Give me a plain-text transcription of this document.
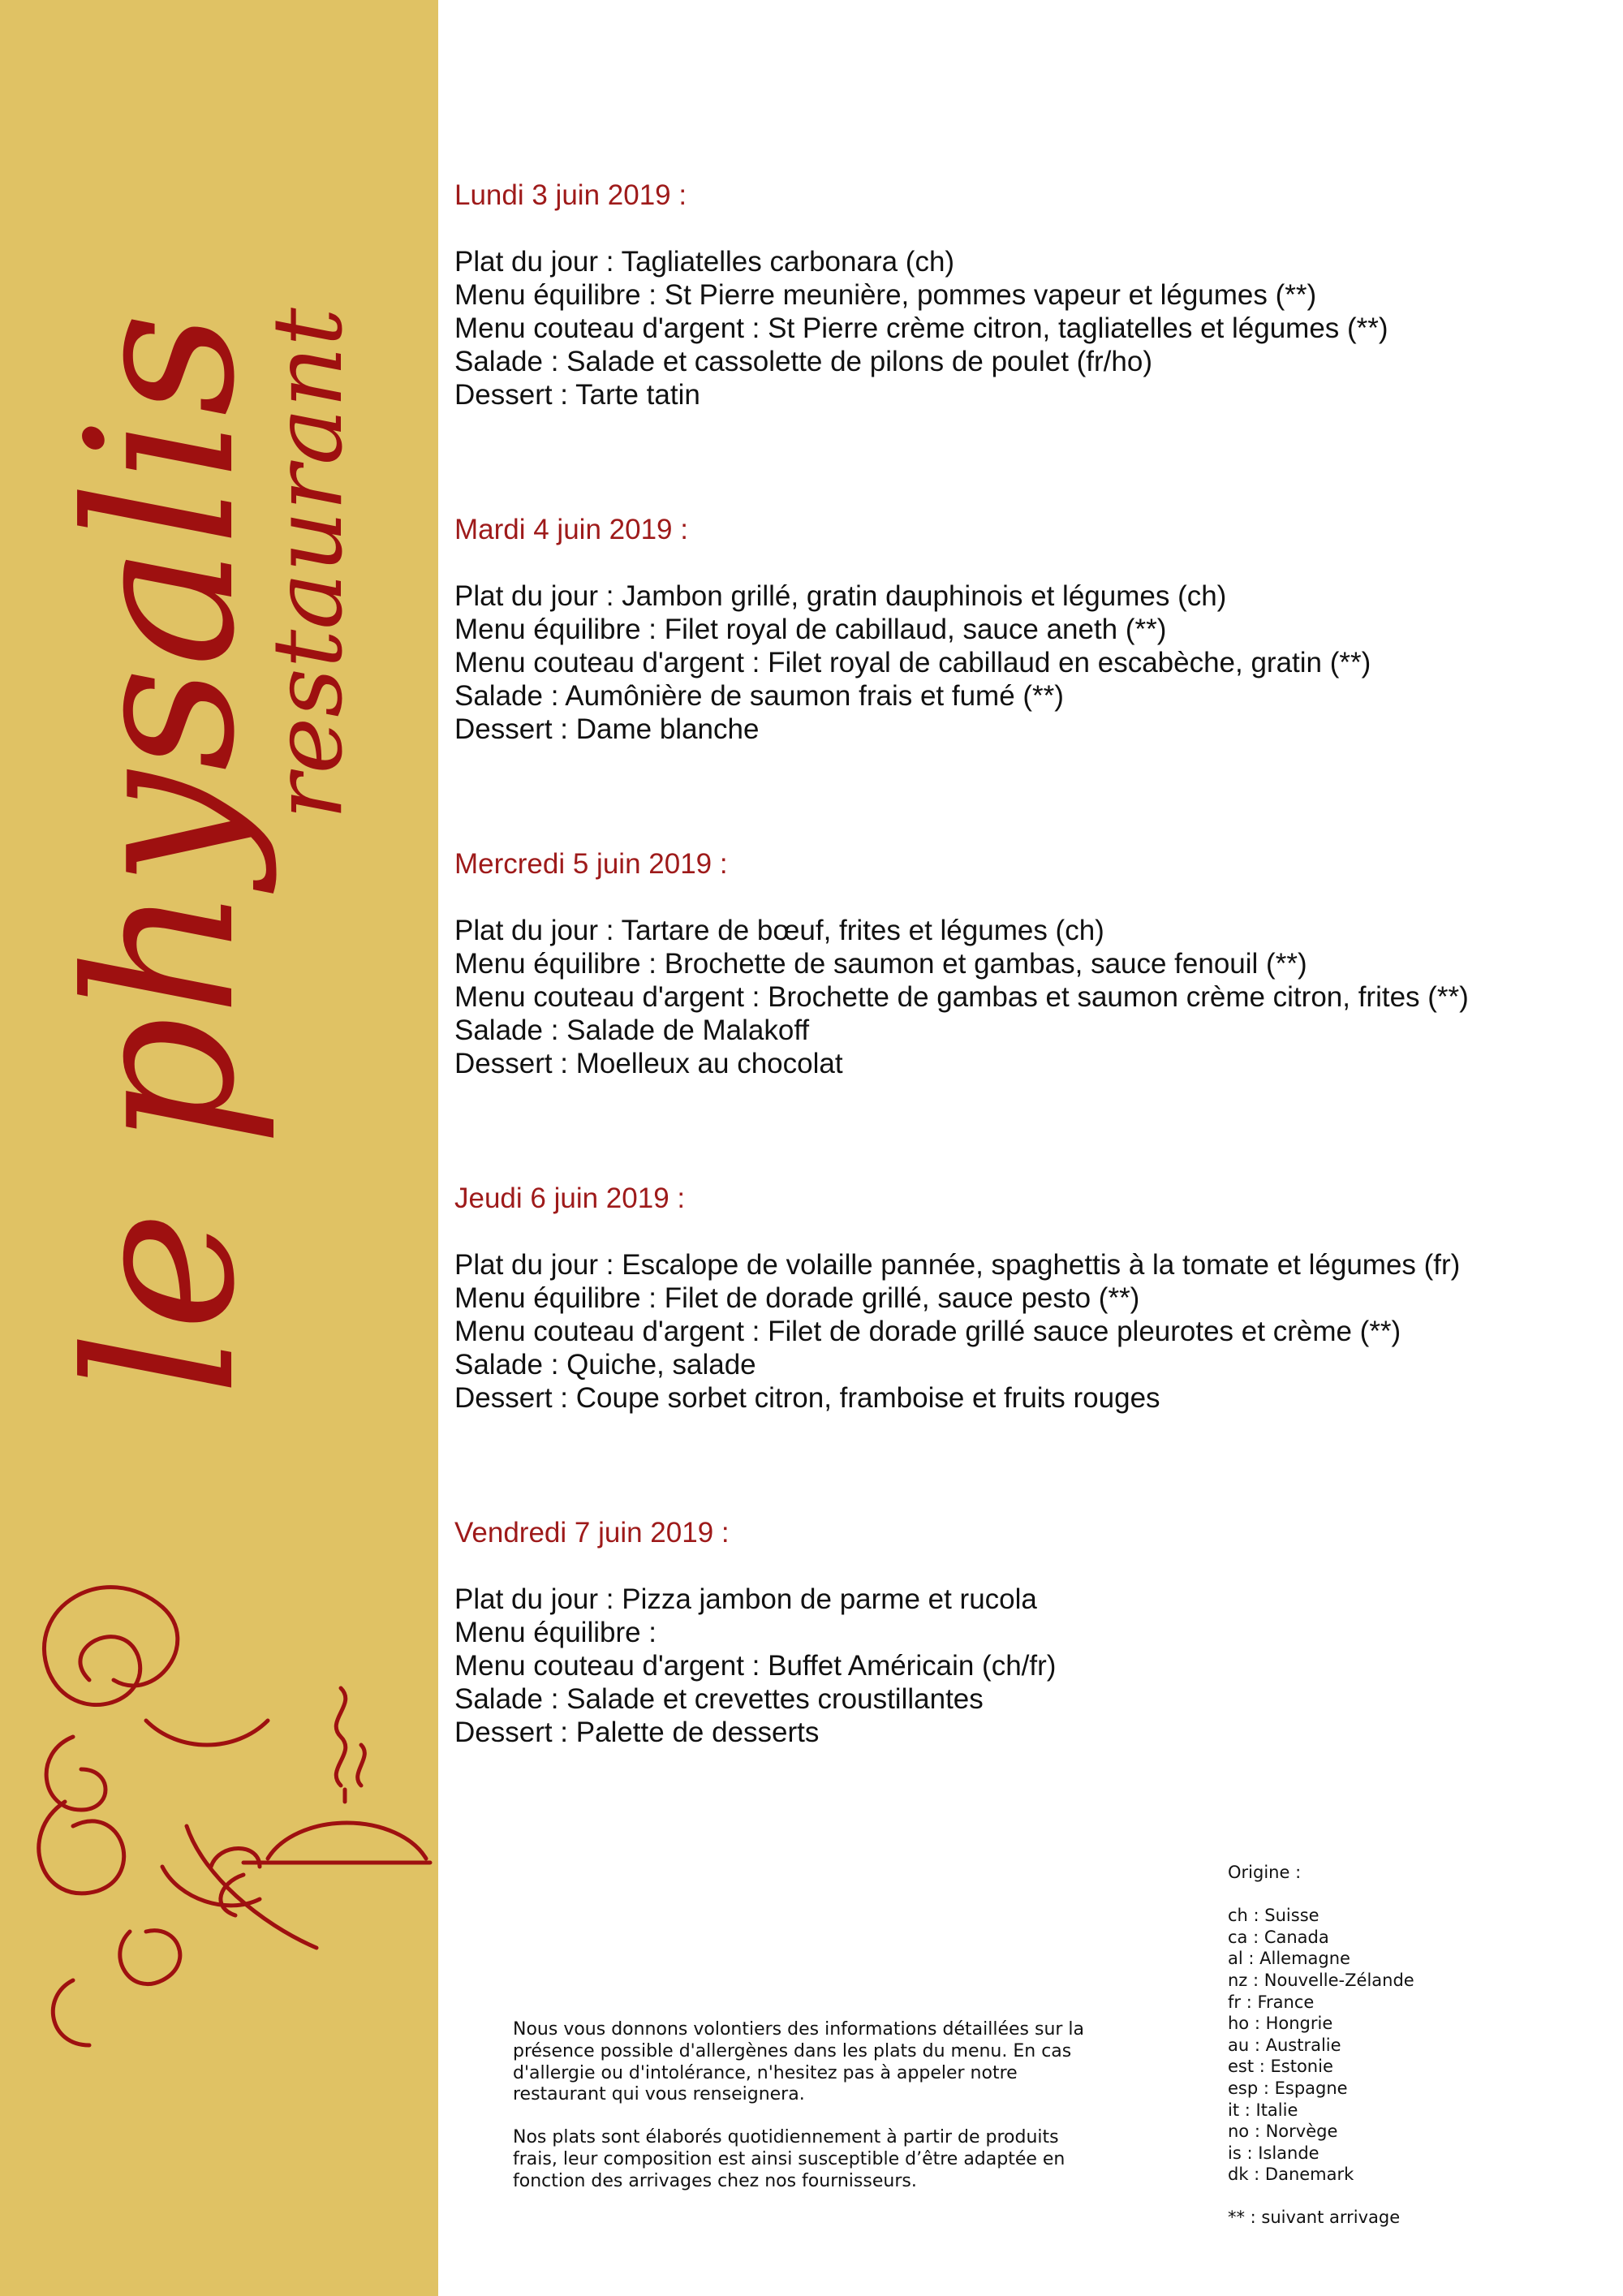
le physalis
restaurant
Lundi 3 juin 2019 :
Plat du jour : Tagliatelles carbonara (ch)
Menu équilibre : St Pierre meunière, pommes vapeur et légumes (**)
Menu couteau d'argent : St Pierre crème citron, tagliatelles et légumes (**)
Salade : Salade et cassolette de pilons de poulet (fr/ho)
Dessert : Tarte tatin
Mardi 4 juin 2019 :
Plat du jour : Jambon grillé, gratin dauphinois et légumes (ch)
Menu équilibre : Filet royal de cabillaud, sauce aneth (**)
Menu couteau d'argent : Filet royal de cabillaud en escabèche, gratin (**)
Salade : Aumônière de saumon frais et fumé (**)
Dessert : Dame blanche
Mercredi 5 juin 2019 :
Plat du jour : Tartare de bœuf, frites et légumes (ch)
Menu équilibre : Brochette de saumon et gambas, sauce fenouil (**)
Menu couteau d'argent : Brochette de gambas et saumon crème citron, frites (**)
Salade : Salade de Malakoff
Dessert : Moelleux au chocolat
Jeudi 6 juin 2019 :
Plat du jour : Escalope de volaille pannée, spaghettis à la tomate et légumes (fr)
Menu équilibre : Filet de dorade grillé, sauce pesto (**)
Menu couteau d'argent : Filet de dorade grillé sauce pleurotes et crème (**)
Salade : Quiche, salade
Dessert : Coupe sorbet citron, framboise et fruits rouges
Vendredi 7 juin 2019 :
Plat du jour : Pizza jambon de parme et rucola
Menu équilibre :
Menu couteau d'argent : Buffet Américain (ch/fr)
Salade : Salade et crevettes croustillantes
Dessert : Palette de desserts

Nous vous donnons volontiers des informations détaillées sur la présence possible d'allergènes dans les plats du menu. En cas d'allergie ou d'intolérance, n'hesitez pas à appeler notre restaurant qui vous renseignera.

Nos plats sont élaborés quotidiennement à partir de produits frais, leur composition est ainsi susceptible d’être adaptée en fonction des arrivages chez nos fournisseurs.

Origine :
ch : Suisse
ca : Canada
al : Allemagne
nz : Nouvelle-Zélande
fr : France
ho : Hongrie
au : Australie
est : Estonie
esp : Espagne
it : Italie
no : Norvège
is : Islande
dk : Danemark
** : suivant arrivage
